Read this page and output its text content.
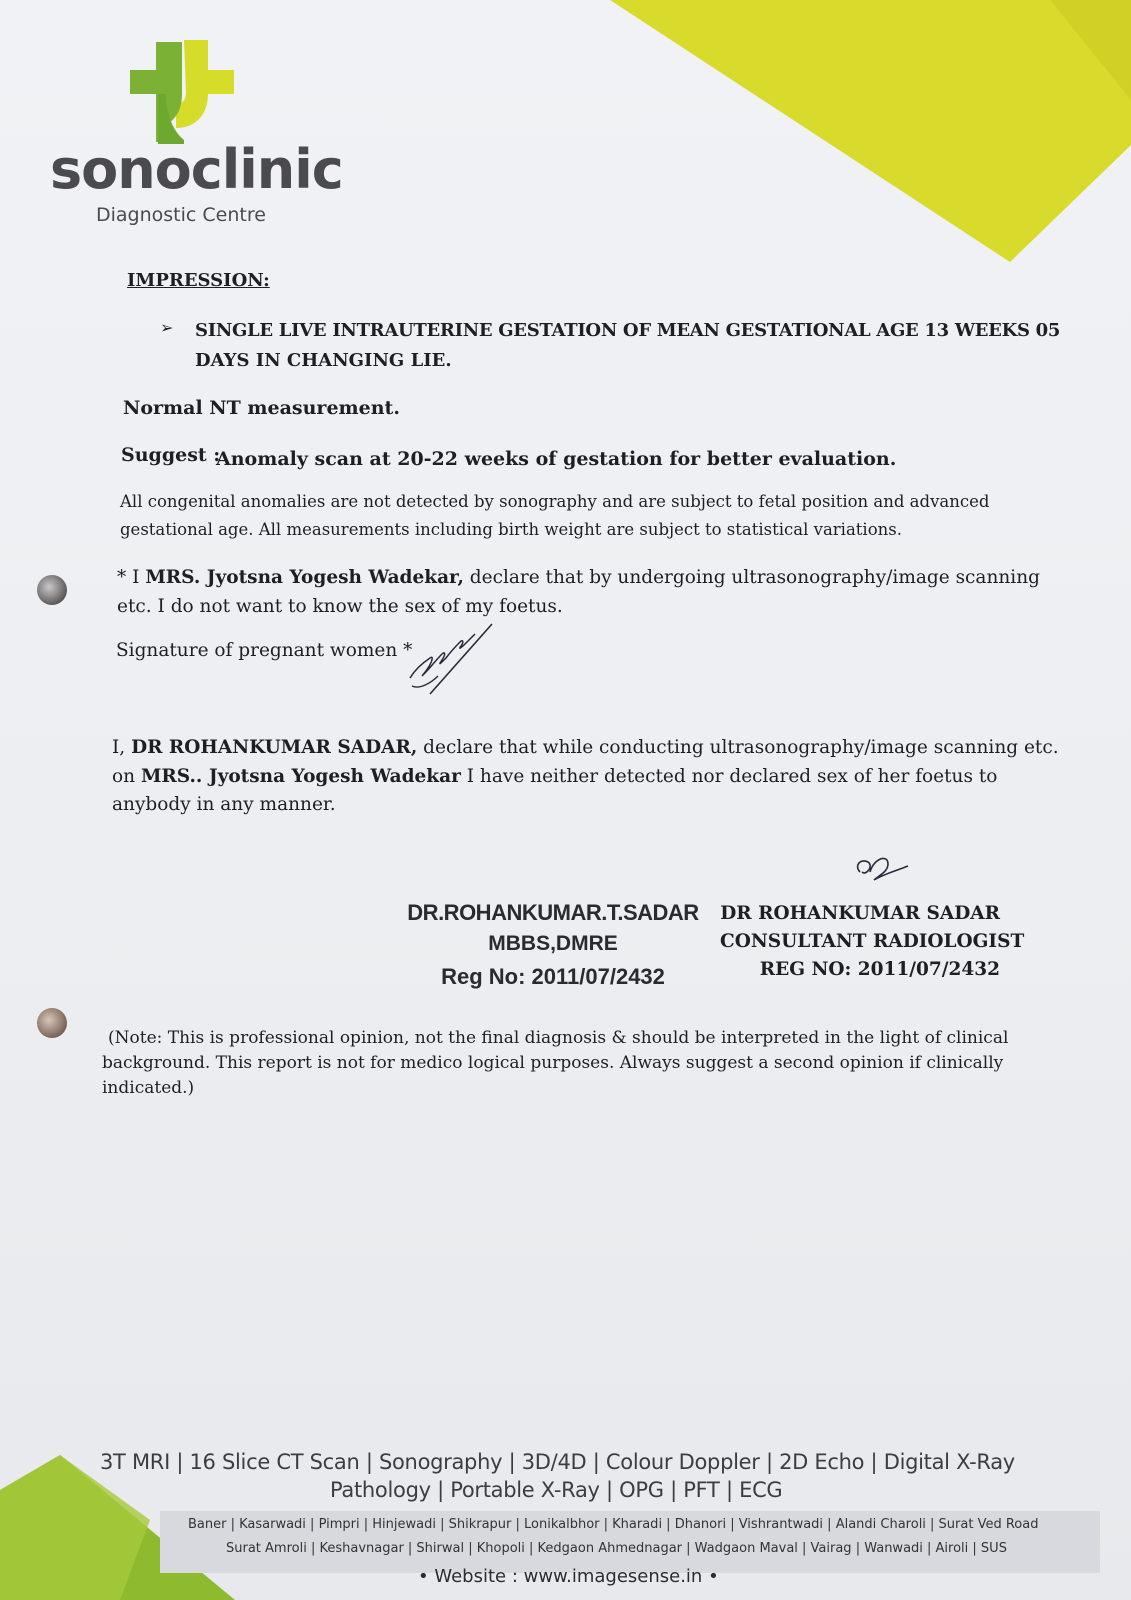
sonoclinic
Diagnostic Centre
IMPRESSION:
➢ SINGLE LIVE INTRAUTERINE GESTATION OF MEAN GESTATIONAL AGE 13 WEEKS 05
DAYS IN CHANGING LIE.
Normal NT measurement.
Suggest :
Anomaly scan at 20-22 weeks of gestation for better evaluation.
All congenital anomalies are not detected by sonography and are subject to fetal position and advanced
gestational age. All measurements including birth weight are subject to statistical variations.
* I MRS. Jyotsna Yogesh Wadekar, declare that by undergoing ultrasonography/image scanning
etc. I do not want to know the sex of my foetus.
Signature of pregnant women *
I, DR ROHANKUMAR SADAR, declare that while conducting ultrasonography/image scanning etc.
on MRS.. Jyotsna Yogesh Wadekar I have neither detected nor declared sex of her foetus to
anybody in any manner.
DR.ROHANKUMAR.T.SADAR
MBBS,DMRE
Reg No: 2011/07/2432
DR ROHANKUMAR SADAR
CONSULTANT RADIOLOGIST
REG NO: 2011/07/2432
(Note: This is professional opinion, not the final diagnosis & should be interpreted in the light of clinical
background. This report is not for medico logical purposes. Always suggest a second opinion if clinically
indicated.)
3T MRI | 16 Slice CT Scan | Sonography | 3D/4D | Colour Doppler | 2D Echo | Digital X-Ray
Pathology | Portable X-Ray | OPG | PFT | ECG
Baner | Kasarwadi | Pimpri | Hinjewadi | Shikrapur | Lonikalbhor | Kharadi | Dhanori | Vishrantwadi | Alandi Charoli | Surat Ved Road
Surat Amroli | Keshavnagar | Shirwal | Khopoli | Kedgaon Ahmednagar | Wadgaon Maval | Vairag | Wanwadi | Airoli | SUS
• Website : www.imagesense.in •
